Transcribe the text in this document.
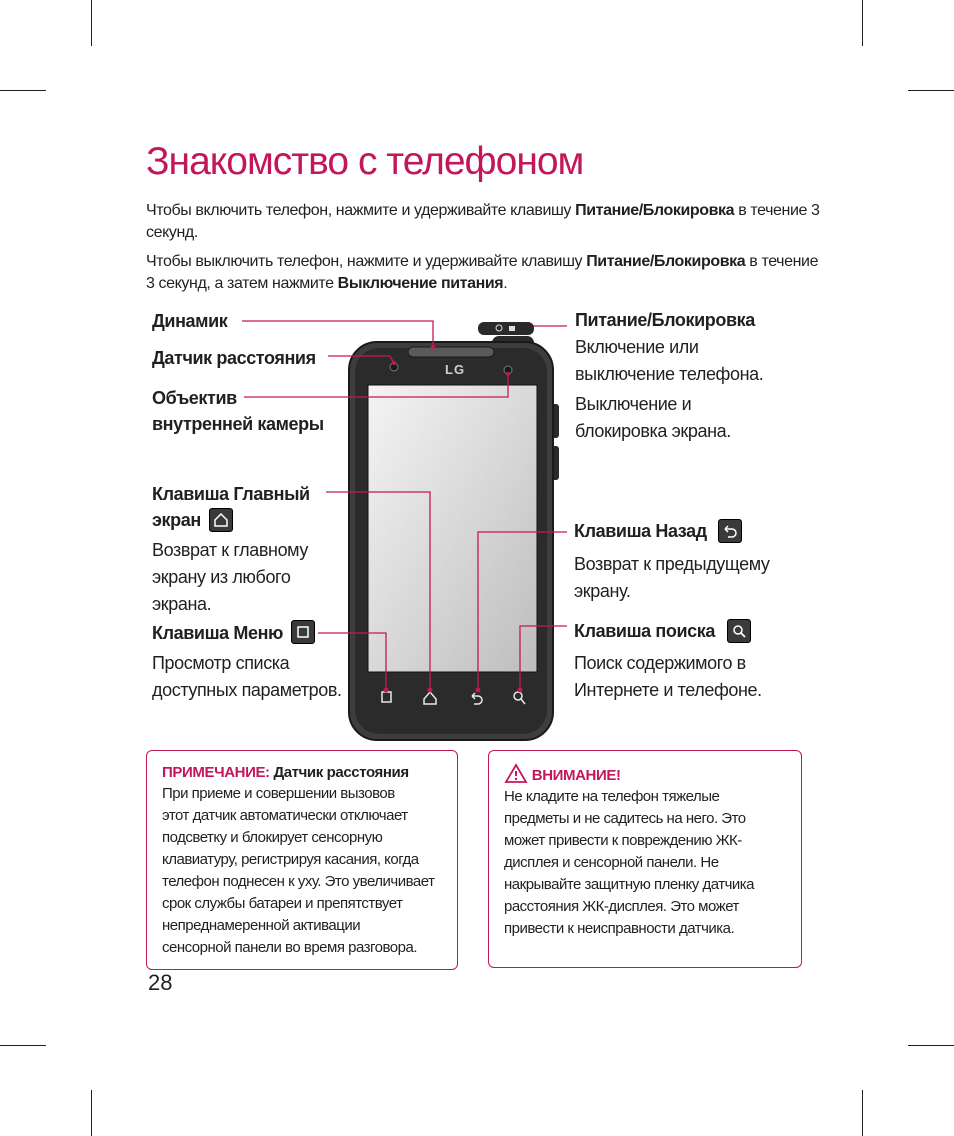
Знакомство с телефоном
Чтобы включить телефон, нажмите и удерживайте клавишу Питание/Блокировка в течение 3 секунд.
Чтобы выключить телефон, нажмите и удерживайте клавишу Питание/Блокировка в течение 3 секунд, а затем нажмите Выключение питания.
LG
Динамик
Датчик расстояния
Объектив
внутренней камеры
Клавиша Главный
экран
Возврат к главному
экрану из любого
экрана.
Клавиша Меню
Просмотр списка
доступных параметров.
Питание/Блокировка
Включение или
выключение телефона.
Выключение и
блокировка экрана.
Клавиша Назад
Возврат к предыдущему
экрану.
Клавиша поиска
Поиск содержимого в
Интернете и телефоне.
ПРИМЕЧАНИЕ: Датчик расстояния
При приеме и совершении вызовов
этот датчик автоматически отключает
подсветку и блокирует сенсорную
клавиатуру, регистрируя касания, когда
телефон поднесен к уху. Это увеличивает
срок службы батареи и препятствует
непреднамеренной активации
сенсорной панели во время разговора.
ВНИМАНИЕ!
Не кладите на телефон тяжелые
предметы и не садитесь на него. Это
может привести к повреждению ЖК-
дисплея и сенсорной панели. Не
накрывайте защитную пленку датчика
расстояния ЖК-дисплея. Это может
привести к неисправности датчика.
28
